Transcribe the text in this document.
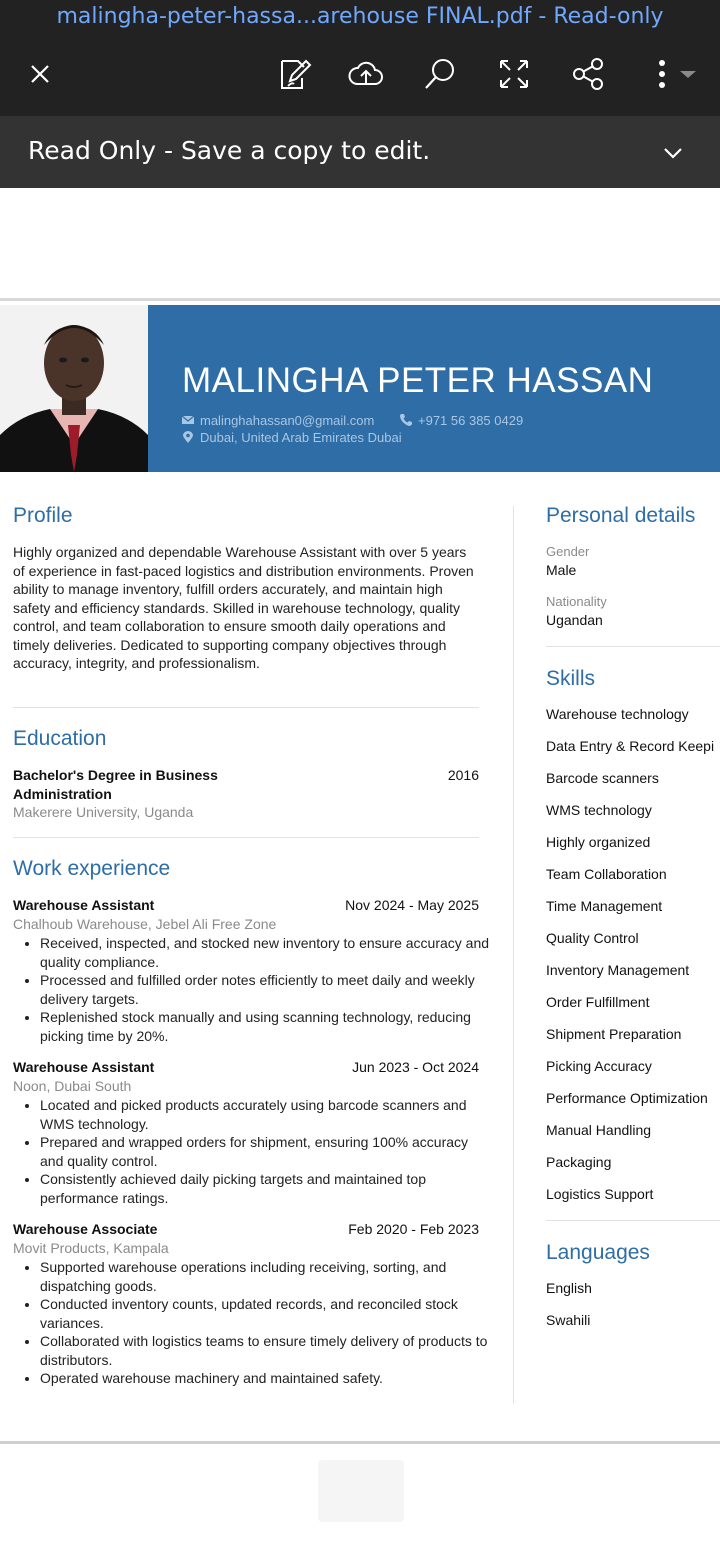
malingha-peter-hassa...arehouse FINAL.pdf - Read-only
Read Only - Save a copy to edit.
MALINGHA PETER HASSAN
malinghahassan0@gmail.com	+971 56 385 0429
Dubai, United Arab Emirates Dubai
Profile
Highly organized and dependable Warehouse Assistant with over 5 years of experience in fast-paced logistics and distribution environments. Proven ability to manage inventory, fulfill orders accurately, and maintain high safety and efficiency standards. Skilled in warehouse technology, quality control, and team collaboration to ensure smooth daily operations and timely deliveries. Dedicated to supporting company objectives through accuracy, integrity, and professionalism.
Education
Bachelor's Degree in Business Administration
2016
Makerere University, Uganda
Work experience
Warehouse Assistant	Nov 2024 - May 2025
Chalhoub Warehouse, Jebel Ali Free Zone
• Received, inspected, and stocked new inventory to ensure accuracy and quality compliance.
• Processed and fulfilled order notes efficiently to meet daily and weekly delivery targets.
• Replenished stock manually and using scanning technology, reducing picking time by 20%.
Warehouse Assistant	Jun 2023 - Oct 2024
Noon, Dubai South
• Located and picked products accurately using barcode scanners and WMS technology.
• Prepared and wrapped orders for shipment, ensuring 100% accuracy and quality control.
• Consistently achieved daily picking targets and maintained top performance ratings.
Warehouse Associate	Feb 2020 - Feb 2023
Movit Products, Kampala
• Supported warehouse operations including receiving, sorting, and dispatching goods.
• Conducted inventory counts, updated records, and reconciled stock variances.
• Collaborated with logistics teams to ensure timely delivery of products to distributors.
• Operated warehouse machinery and maintained safety.
Personal details
Gender
Male
Nationality
Ugandan
Skills
Warehouse technology
Data Entry & Record Keepi
Barcode scanners
WMS technology
Highly organized
Team Collaboration
Time Management
Quality Control
Inventory Management
Order Fulfillment
Shipment Preparation
Picking Accuracy
Performance Optimization
Manual Handling
Packaging
Logistics Support
Languages
English
Swahili
